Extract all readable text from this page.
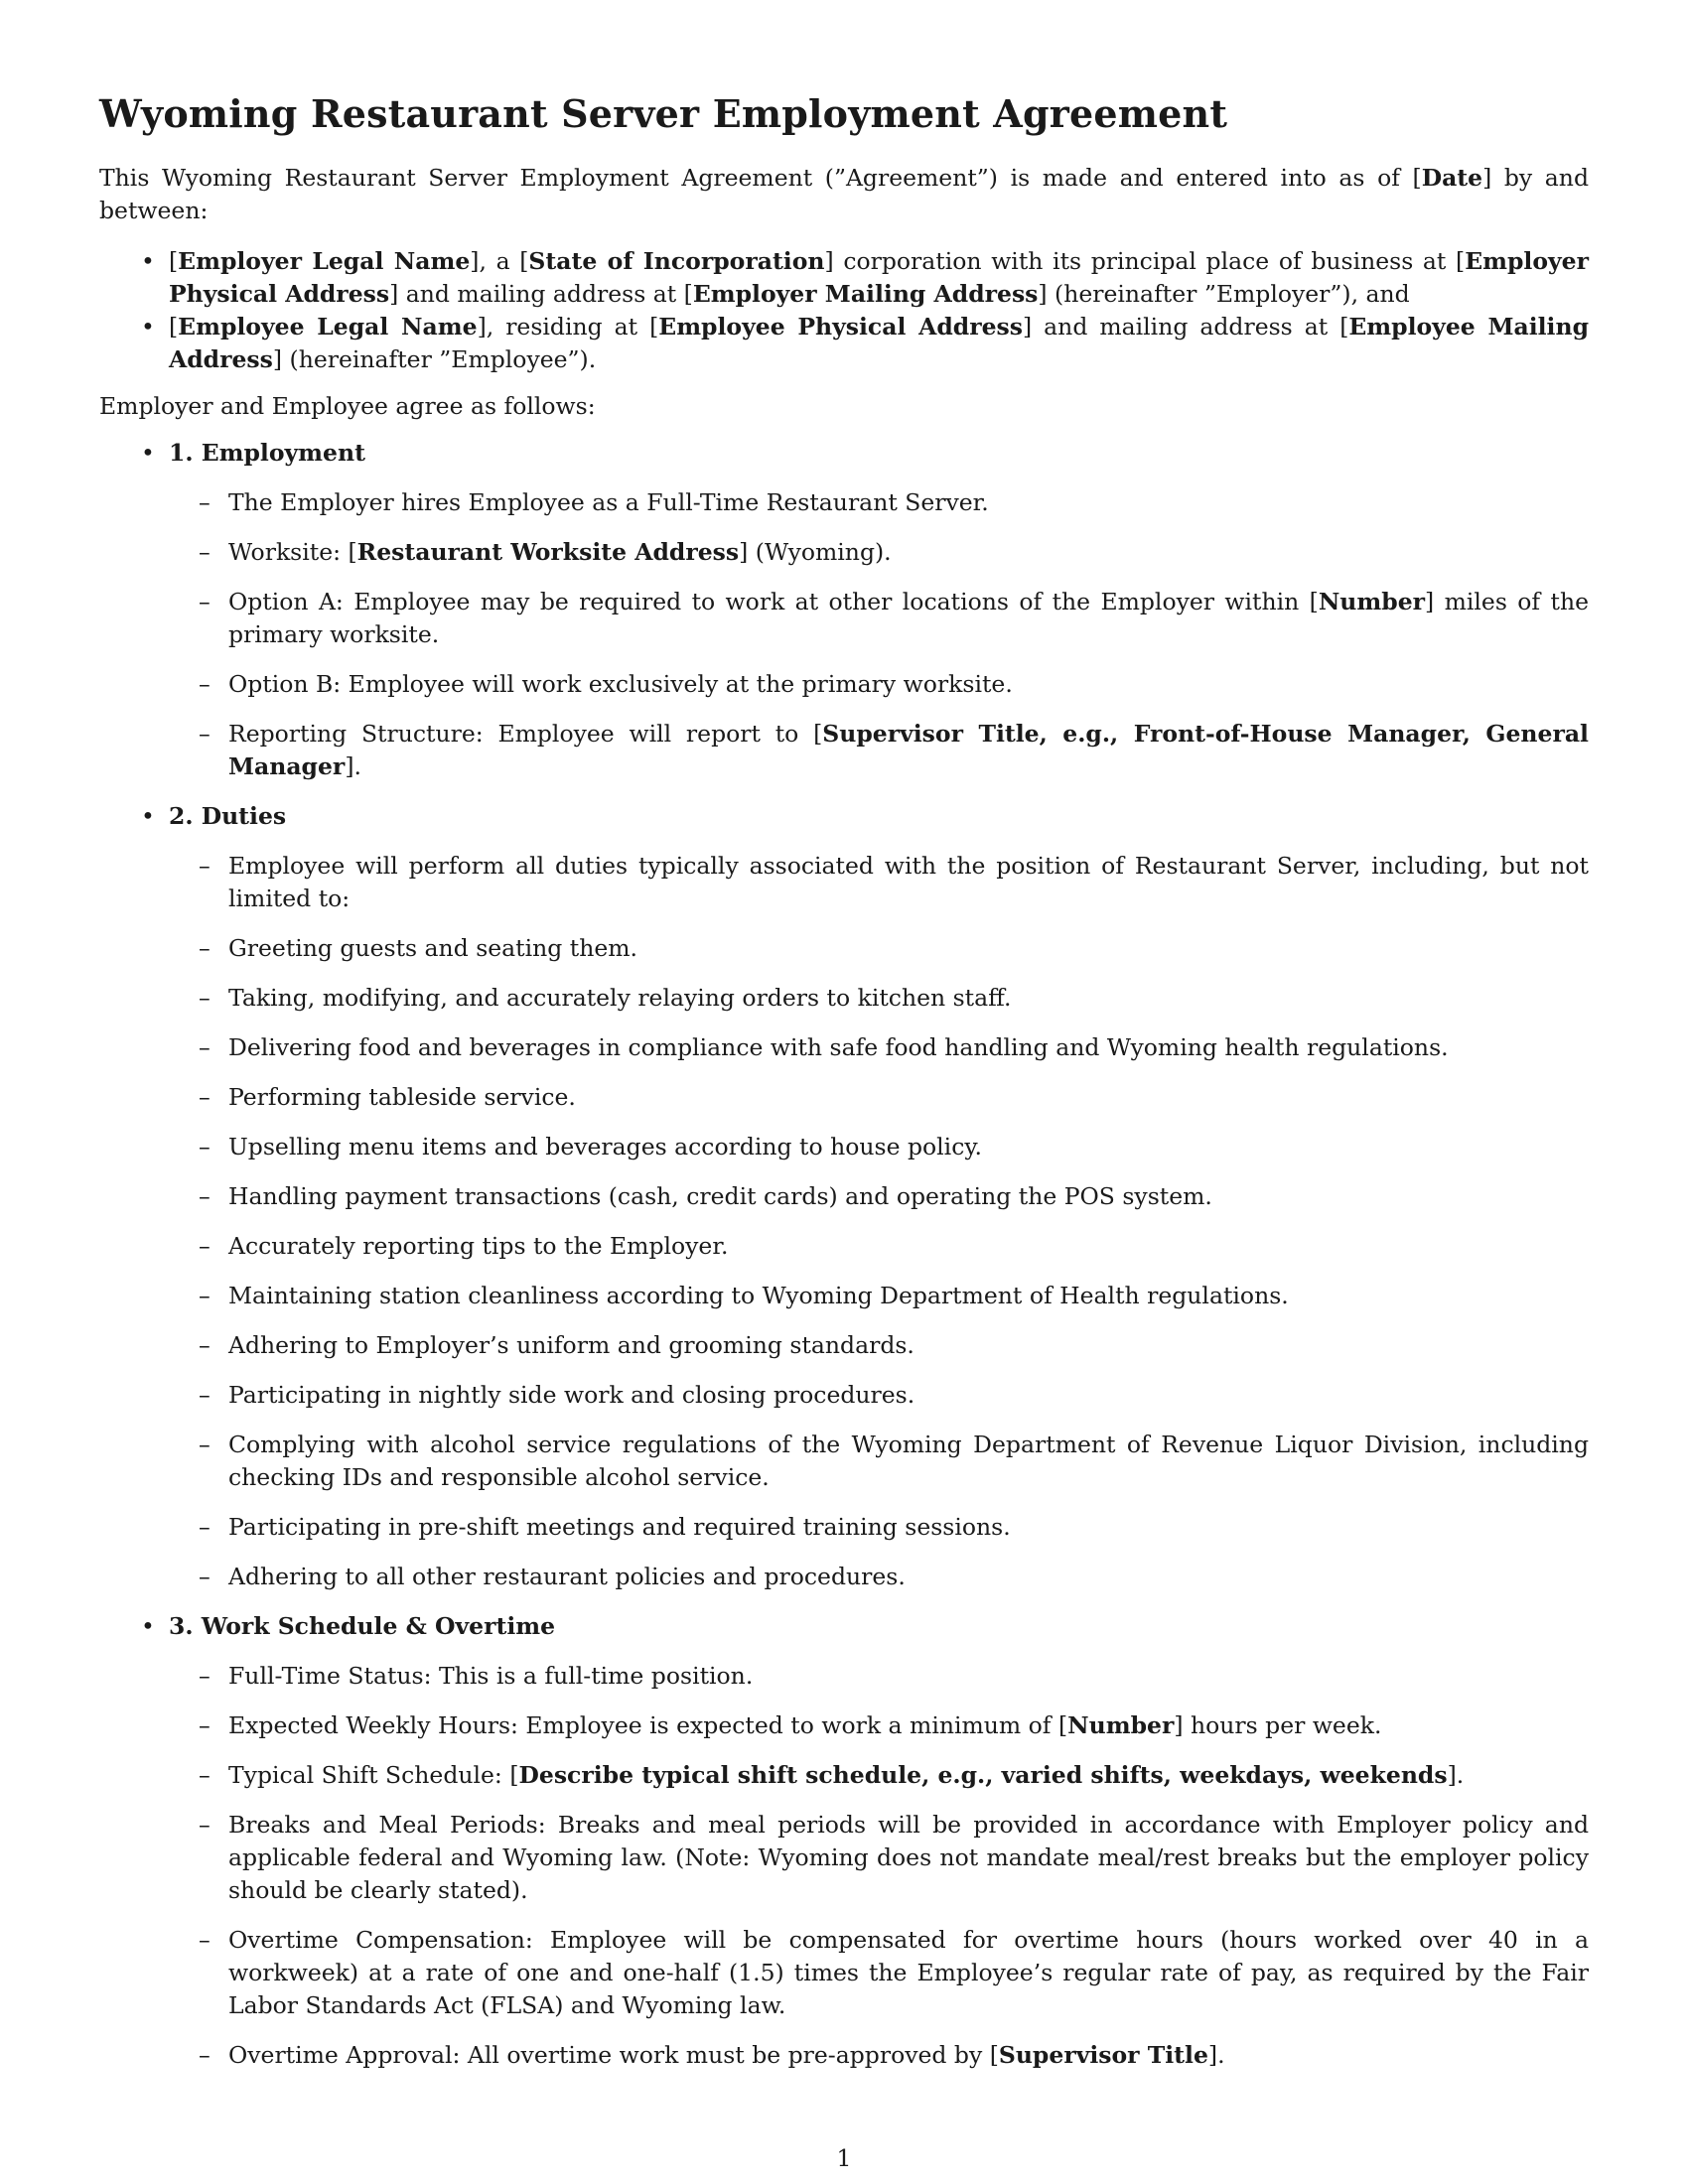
Wyoming Restaurant Server Employment Agreement

This Wyoming Restaurant Server Employment Agreement (”Agreement”) is made and entered into as of [Date] by and between:

• [Employer Legal Name], a [State of Incorporation] corporation with its principal place of business at [Employer Physical Address] and mailing address at [Employer Mailing Address] (hereinafter ”Employer”), and
• [Employee Legal Name], residing at [Employee Physical Address] and mailing address at [Employee Mailing Address] (hereinafter ”Employee”).

Employer and Employee agree as follows:

• 1. Employment
– The Employer hires Employee as a Full-Time Restaurant Server.
– Worksite: [Restaurant Worksite Address] (Wyoming).
– Option A: Employee may be required to work at other locations of the Employer within [Number] miles of the primary worksite.
– Option B: Employee will work exclusively at the primary worksite.
– Reporting Structure: Employee will report to [Supervisor Title, e.g., Front-of-House Manager, General Manager].
• 2. Duties
– Employee will perform all duties typically associated with the position of Restaurant Server, including, but not limited to:
– Greeting guests and seating them.
– Taking, modifying, and accurately relaying orders to kitchen staff.
– Delivering food and beverages in compliance with safe food handling and Wyoming health regulations.
– Performing tableside service.
– Upselling menu items and beverages according to house policy.
– Handling payment transactions (cash, credit cards) and operating the POS system.
– Accurately reporting tips to the Employer.
– Maintaining station cleanliness according to Wyoming Department of Health regulations.
– Adhering to Employer’s uniform and grooming standards.
– Participating in nightly side work and closing procedures.
– Complying with alcohol service regulations of the Wyoming Department of Revenue Liquor Division, including checking IDs and responsible alcohol service.
– Participating in pre-shift meetings and required training sessions.
– Adhering to all other restaurant policies and procedures.
• 3. Work Schedule & Overtime
– Full-Time Status: This is a full-time position.
– Expected Weekly Hours: Employee is expected to work a minimum of [Number] hours per week.
– Typical Shift Schedule: [Describe typical shift schedule, e.g., varied shifts, weekdays, weekends].
– Breaks and Meal Periods: Breaks and meal periods will be provided in accordance with Employer policy and applicable federal and Wyoming law. (Note: Wyoming does not mandate meal/rest breaks but the employer policy should be clearly stated).
– Overtime Compensation: Employee will be compensated for overtime hours (hours worked over 40 in a workweek) at a rate of one and one-half (1.5) times the Employee’s regular rate of pay, as required by the Fair Labor Standards Act (FLSA) and Wyoming law.
– Overtime Approval: All overtime work must be pre-approved by [Supervisor Title].
1
